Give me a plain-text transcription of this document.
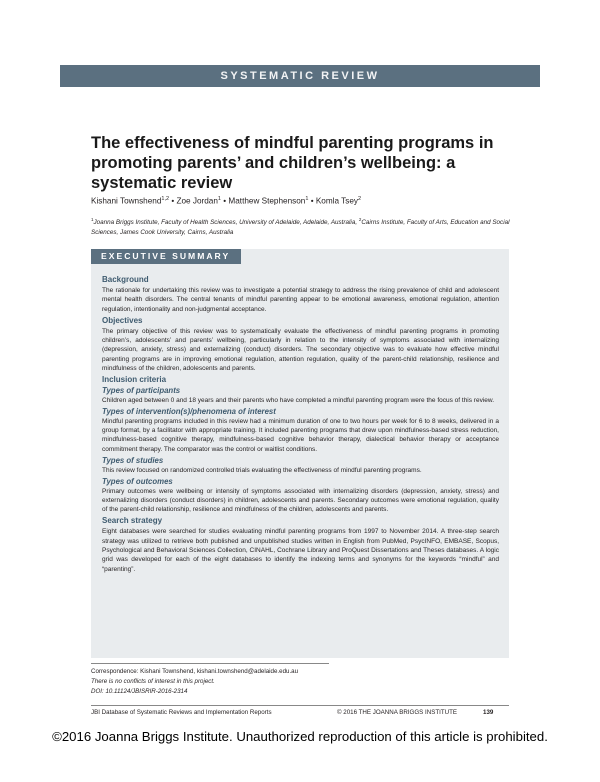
SYSTEMATIC REVIEW
The effectiveness of mindful parenting programs in promoting parents’ and children’s wellbeing: a systematic review
Kishani Townshend$^{1,2}$ • Zoe Jordan$^1$ • Matthew Stephenson$^1$ • Komla Tsey$^2$
$^1$Joanna Briggs Institute, Faculty of Health Sciences, University of Adelaide, Adelaide, Australia, $^2$Cairns Institute, Faculty of Arts, Education and Social Sciences, James Cook University, Cairns, Australia
EXECUTIVE SUMMARY
Background
The rationale for undertaking this review was to investigate a potential strategy to address the rising prevalence of child and adolescent mental health disorders. The central tenants of mindful parenting appear to be emotional awareness, emotional regulation, attention regulation, intentionality and non-judgmental acceptance.
Objectives
The primary objective of this review was to systematically evaluate the effectiveness of mindful parenting programs in promoting children’s, adolescents’ and parents’ wellbeing, particularly in relation to the intensity of symptoms associated with internalizing (depression, anxiety, stress) and externalizing (conduct) disorders. The secondary objective was to evaluate how effective mindful parenting programs are in improving emotional regulation, attention regulation, quality of the parent-child relationship, resilience and mindfulness of the children, adolescents and parents.
Inclusion criteria
Types of participants
Children aged between 0 and 18 years and their parents who have completed a mindful parenting program were the focus of this review.
Types of intervention(s)/phenomena of interest
Mindful parenting programs included in this review had a minimum duration of one to two hours per week for 6 to 8 weeks, delivered in a group format, by a facilitator with appropriate training. It included parenting programs that drew upon mindfulness-based stress reduction, mindfulness-based cognitive therapy, mindfulness-based cognitive behavior therapy, dialectical behavior therapy or acceptance commitment therapy. The comparator was the control or waitlist conditions.
Types of studies
This review focused on randomized controlled trials evaluating the effectiveness of mindful parenting programs.
Types of outcomes
Primary outcomes were wellbeing or intensity of symptoms associated with internalizing disorders (depression, anxiety, stress) and externalizing disorders (conduct disorders) in children, adolescents and parents. Secondary outcomes were emotional regulation, quality of the parent-child relationship, resilience and mindfulness of the children, adolescents and parents.
Search strategy
Eight databases were searched for studies evaluating mindful parenting programs from 1997 to November 2014. A three-step search strategy was utilized to retrieve both published and unpublished studies written in English from PubMed, PsycINFO, EMBASE, Scopus, Psychological and Behavioral Sciences Collection, CINAHL, Cochrane Library and ProQuest Dissertations and Theses databases. A logic grid was developed for each of the eight databases to identify the indexing terms and synonyms for the keywords “mindful” and “parenting”.
Correspondence: Kishani Townshend, kishani.townshend@adelaide.edu.au
There is no conflicts of interest in this project.
DOI: 10.11124/JBISRIR-2016-2314
JBI Database of Systematic Reviews and Implementation Reports	© 2016 THE JOANNA BRIGGS INSTITUTE	139
©2016 Joanna Briggs Institute. Unauthorized reproduction of this article is prohibited.
